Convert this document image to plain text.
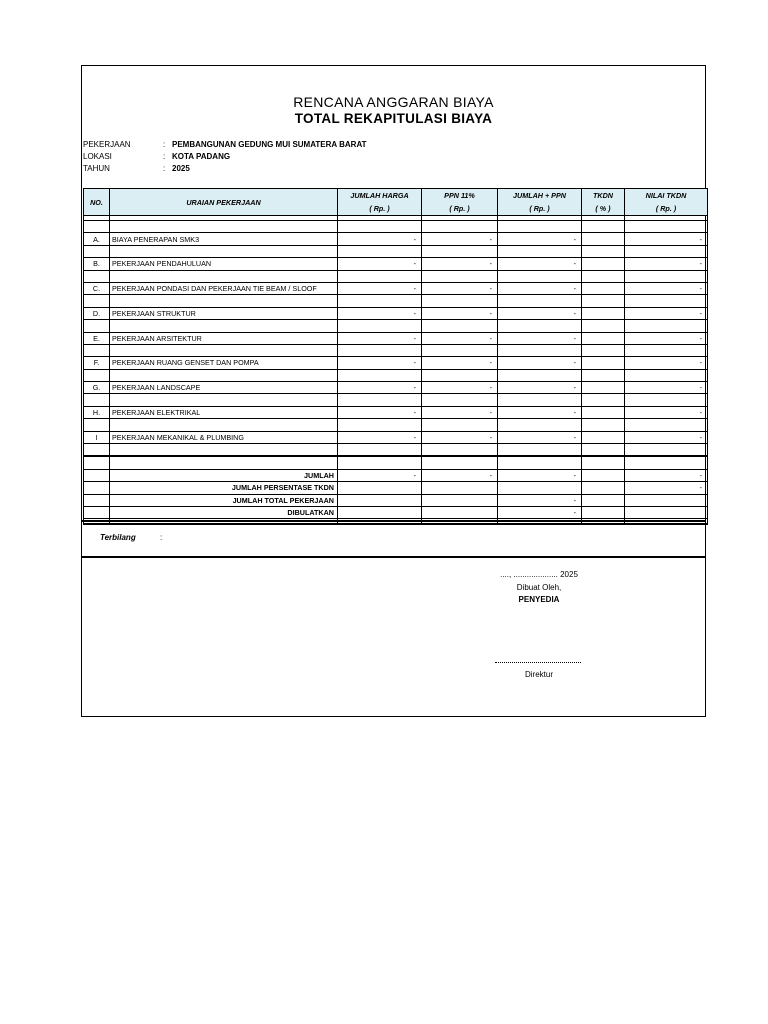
RENCANA ANGGARAN BIAYA
TOTAL REKAPITULASI BIAYA
PEKERJAAN	: PEMBANGUNAN GEDUNG MUI SUMATERA BARAT
LOKASI	: KOTA PADANG
TAHUN	: 2025
NO.	URAIAN PEKERJAAN	JUMLAH HARGA	PPN 11%	JUMLAH + PPN	TKDN	NILAI TKDN
		( Rp. )	( Rp. )	( Rp. )	( % )	( Rp. )

A.	BIAYA PENERAPAN SMK3	-	-	-		-

B.	PEKERJAAN PENDAHULUAN	-	-	-		-

C.	PEKERJAAN PONDASI DAN PEKERJAAN TIE BEAM / SLOOF	-	-	-		-

D.	PEKERJAAN STRUKTUR	-	-	-		-

E.	PEKERJAAN ARSITEKTUR	-	-	-		-

F.	PEKERJAAN RUANG GENSET DAN POMPA	-	-	-		-

G.	PEKERJAAN LANDSCAPE	-	-	-		-

H.	PEKERJAAN ELEKTRIKAL	-	-	-		-

I	PEKERJAAN MEKANIKAL & PLUMBING	-	-	-		-

	JUMLAH	-	-	-		-
	JUMLAH PERSENTASE TKDN					-
	JUMLAH TOTAL PEKERJAAN			-		
	DIBULATKAN			-		

Terbilang	:
...., .................... 2025
Dibuat Oleh,
PENYEDIA
Direktur
